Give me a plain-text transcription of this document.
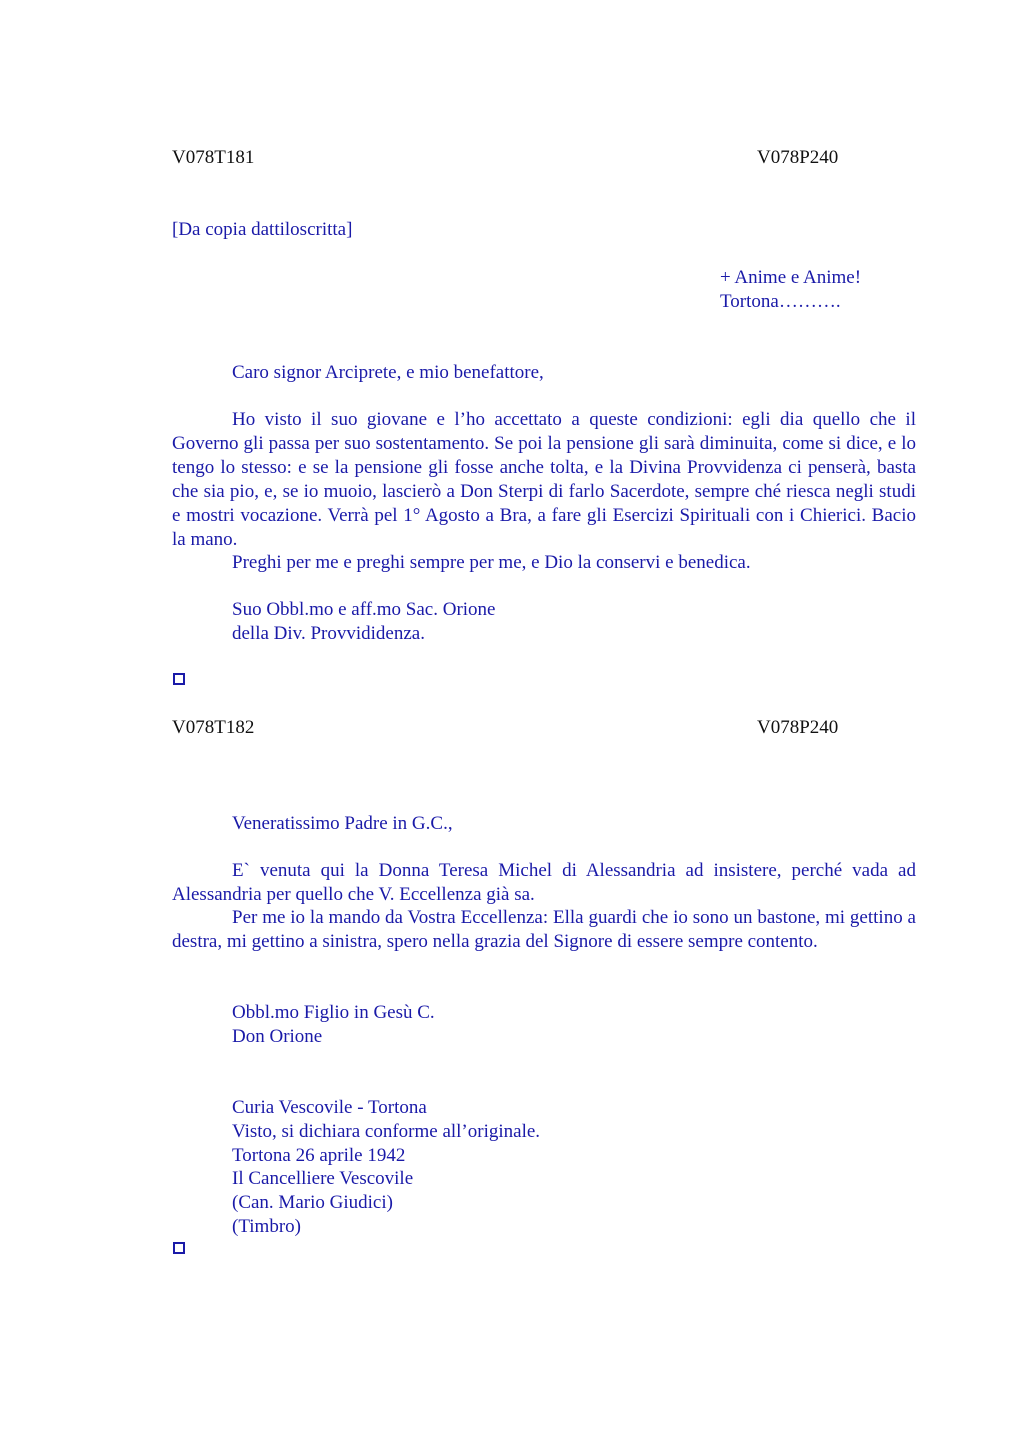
V078T181	V078P240
[Da copia dattiloscritta]
+ Anime e Anime!
Tortona……….
Caro signor Arciprete, e mio benefattore,
Ho visto il suo giovane e l’ho accettato a queste condizioni: egli dia quello che il Governo gli passa per suo sostentamento. Se poi la pensione gli sarà diminuita, come si dice, e lo tengo lo stesso: e se la pensione gli fosse anche tolta, e la Divina Provvidenza ci penserà, basta che sia pio, e, se io muoio, lascierò a Don Sterpi di farlo Sacerdote, sempre ché riesca negli studi e mostri vocazione. Verrà pel 1° Agosto a Bra, a fare gli Esercizi Spirituali con i Chierici. Bacio la mano.
Preghi per me e preghi sempre per me, e Dio la conservi e benedica.
Suo Obbl.mo e aff.mo Sac. Orione
della Div. Provvididenza.
V078T182	V078P240
Veneratissimo Padre in G.C.,
E` venuta qui la Donna Teresa Michel di Alessandria ad insistere, perché vada ad Alessandria per quello che V. Eccellenza già sa.
Per me io la mando da Vostra Eccellenza: Ella guardi che io sono un bastone, mi gettino a destra, mi gettino a sinistra, spero nella grazia del Signore di essere sempre contento.
Obbl.mo Figlio in Gesù C.
Don Orione
Curia Vescovile - Tortona
Visto, si dichiara conforme all’originale.
Tortona 26 aprile 1942
Il Cancelliere Vescovile
(Can. Mario Giudici)
(Timbro)
